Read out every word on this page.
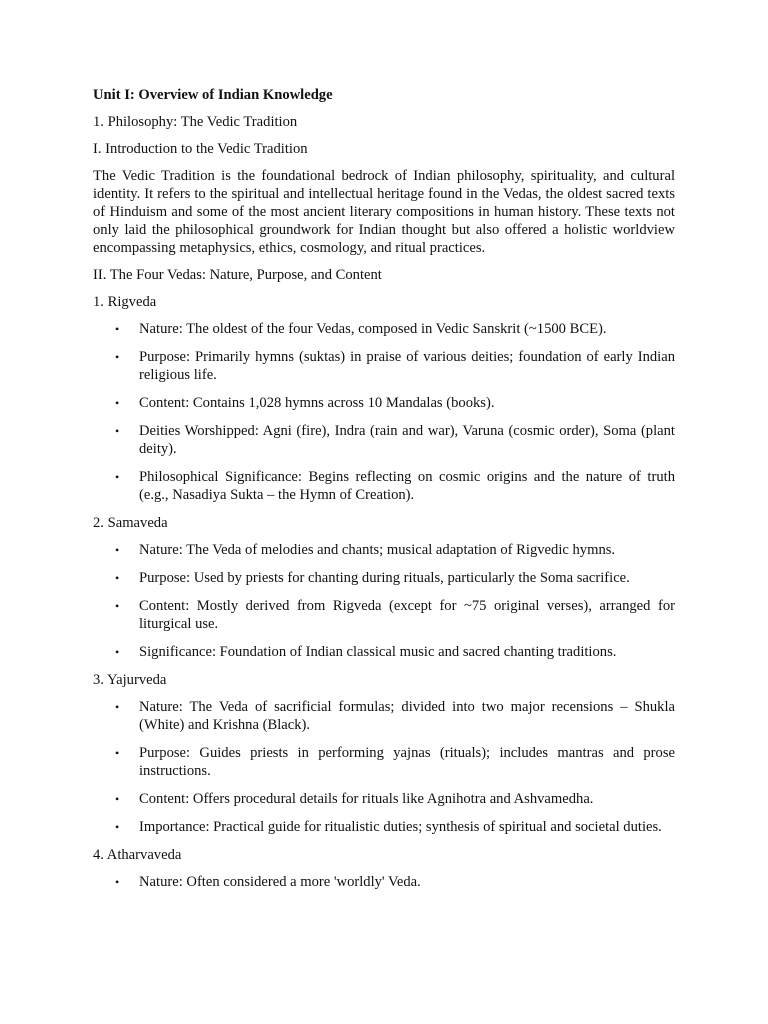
Unit I: Overview of Indian Knowledge

1. Philosophy: The Vedic Tradition

I. Introduction to the Vedic Tradition

The Vedic Tradition is the foundational bedrock of Indian philosophy, spirituality, and cultural identity. It refers to the spiritual and intellectual heritage found in the Vedas, the oldest sacred texts of Hinduism and some of the most ancient literary compositions in human history. These texts not only laid the philosophical groundwork for Indian thought but also offered a holistic worldview encompassing metaphysics, ethics, cosmology, and ritual practices.

II. The Four Vedas: Nature, Purpose, and Content

1. Rigveda

• Nature: The oldest of the four Vedas, composed in Vedic Sanskrit (~1500 BCE).
• Purpose: Primarily hymns (suktas) in praise of various deities; foundation of early Indian religious life.
• Content: Contains 1,028 hymns across 10 Mandalas (books).
• Deities Worshipped: Agni (fire), Indra (rain and war), Varuna (cosmic order), Soma (plant deity).
• Philosophical Significance: Begins reflecting on cosmic origins and the nature of truth (e.g., Nasadiya Sukta – the Hymn of Creation).

2. Samaveda

• Nature: The Veda of melodies and chants; musical adaptation of Rigvedic hymns.
• Purpose: Used by priests for chanting during rituals, particularly the Soma sacrifice.
• Content: Mostly derived from Rigveda (except for ~75 original verses), arranged for liturgical use.
• Significance: Foundation of Indian classical music and sacred chanting traditions.

3. Yajurveda

• Nature: The Veda of sacrificial formulas; divided into two major recensions – Shukla (White) and Krishna (Black).
• Purpose: Guides priests in performing yajnas (rituals); includes mantras and prose instructions.
• Content: Offers procedural details for rituals like Agnihotra and Ashvamedha.
• Importance: Practical guide for ritualistic duties; synthesis of spiritual and societal duties.

4. Atharvaveda

• Nature: Often considered a more 'worldly' Veda.
